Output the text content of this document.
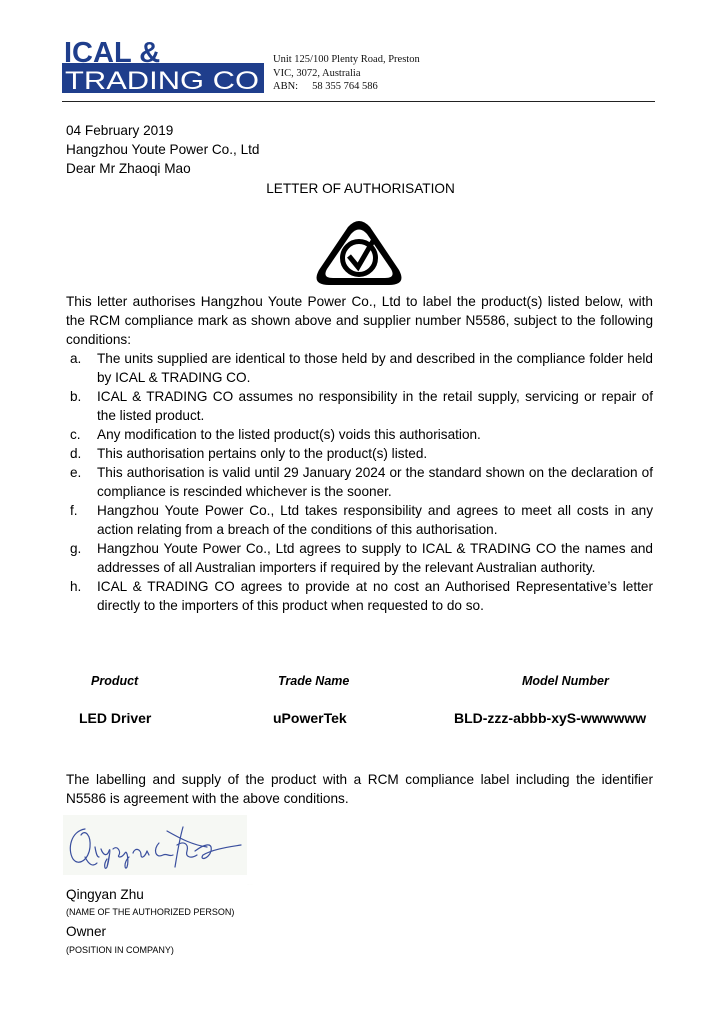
ICAL &
TRADING CO
Unit 125/100 Plenty Road, Preston
VIC, 3072, Australia
ABN: 58 355 764 586
04 February 2019
Hangzhou Youte Power Co., Ltd
Dear Mr Zhaoqi Mao
LETTER OF AUTHORISATION
This letter authorises Hangzhou Youte Power Co., Ltd to label the product(s) listed below, with the RCM compliance mark as shown above and supplier number N5586, subject to the following conditions:
a. The units supplied are identical to those held by and described in the compliance folder held by ICAL & TRADING CO.
b. ICAL & TRADING CO assumes no responsibility in the retail supply, servicing or repair of the listed product.
c. Any modification to the listed product(s) voids this authorisation.
d. This authorisation pertains only to the product(s) listed.
e. This authorisation is valid until 29 January 2024 or the standard shown on the declaration of compliance is rescinded whichever is the sooner.
f. Hangzhou Youte Power Co., Ltd takes responsibility and agrees to meet all costs in any action relating from a breach of the conditions of this authorisation.
g. Hangzhou Youte Power Co., Ltd agrees to supply to ICAL & TRADING CO the names and addresses of all Australian importers if required by the relevant Australian authority.
h. ICAL & TRADING CO agrees to provide at no cost an Authorised Representative’s letter directly to the importers of this product when requested to do so.
Product	Trade Name	Model Number
LED Driver	uPowerTek	BLD-zzz-abbb-xyS-wwwwww
The labelling and supply of the product with a RCM compliance label including the identifier N5586 is agreement with the above conditions.
Qingyan Zhu
Qingyan Zhu
(NAME OF THE AUTHORIZED PERSON)
Owner
(POSITION IN COMPANY)
